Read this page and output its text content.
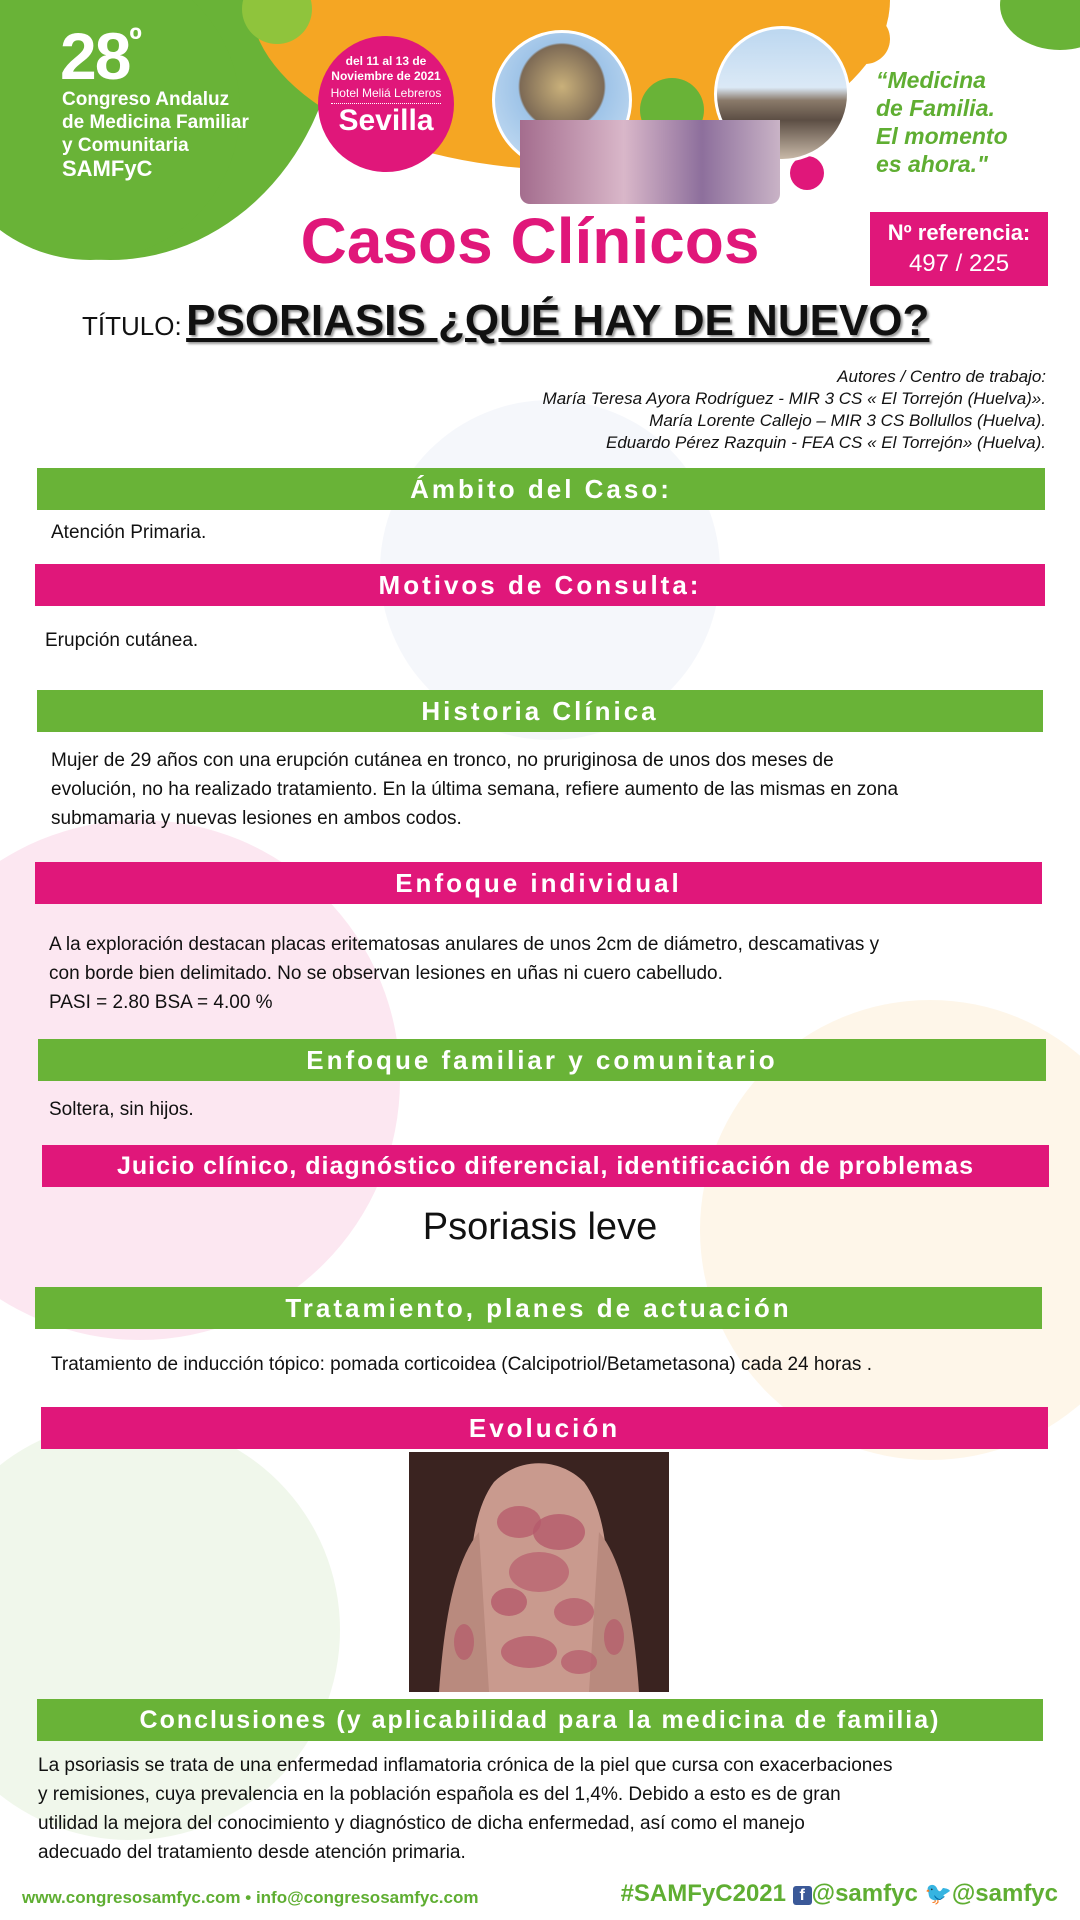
$28^º$
Congreso Andaluz
de Medicina Familiar
y Comunitaria
SAMFyC
del 11 al 13 de
Noviembre de 2021
Hotel Meliá Lebreros
Sevilla
“Medicina
de Familia.
El momento
es ahora."
Casos Clínicos	Nº referencia:
497 / 225
TÍTULO: PSORIASIS ¿QUÉ HAY DE NUEVO?
Autores / Centro de trabajo:
María Teresa Ayora Rodríguez - MIR 3 CS « El Torrejón (Huelva)».
María Lorente Callejo – MIR 3 CS Bollullos (Huelva).
Eduardo Pérez Razquin - FEA CS « El Torrejón» (Huelva).
Ámbito del Caso:
Atención Primaria.
Motivos de Consulta:
Erupción cutánea.
Historia Clínica
Mujer de 29 años con una erupción cutánea en tronco, no pruriginosa de unos dos meses de
evolución, no ha realizado tratamiento. En la última semana, refiere aumento de las mismas en zona
submamaria y nuevas lesiones en ambos codos.
Enfoque individual
A la exploración destacan placas eritematosas anulares de unos 2cm de diámetro, descamativas y
con borde bien delimitado. No se observan lesiones en uñas ni cuero cabelludo.
PASI = 2.80 BSA = 4.00 %
Enfoque familiar y comunitario
Soltera, sin hijos.
Juicio clínico, diagnóstico diferencial, identificación de problemas
Psoriasis leve
Tratamiento, planes de actuación
Tratamiento de inducción tópico: pomada corticoidea (Calcipotriol/Betametasona) cada 24 horas .
Evolución
Conclusiones (y aplicabilidad para la medicina de familia)
La psoriasis se trata de una enfermedad inflamatoria crónica de la piel que cursa con exacerbaciones
y remisiones, cuya prevalencia en la población española es del 1,4%. Debido a esto es de gran
utilidad la mejora del conocimiento y diagnóstico de dicha enfermedad, así como el manejo
adecuado del tratamiento desde atención primaria.
www.congresosamfyc.com • info@congresosamfyc.com	#SAMFyC2021 f @samfyc 🐦@samfyc
